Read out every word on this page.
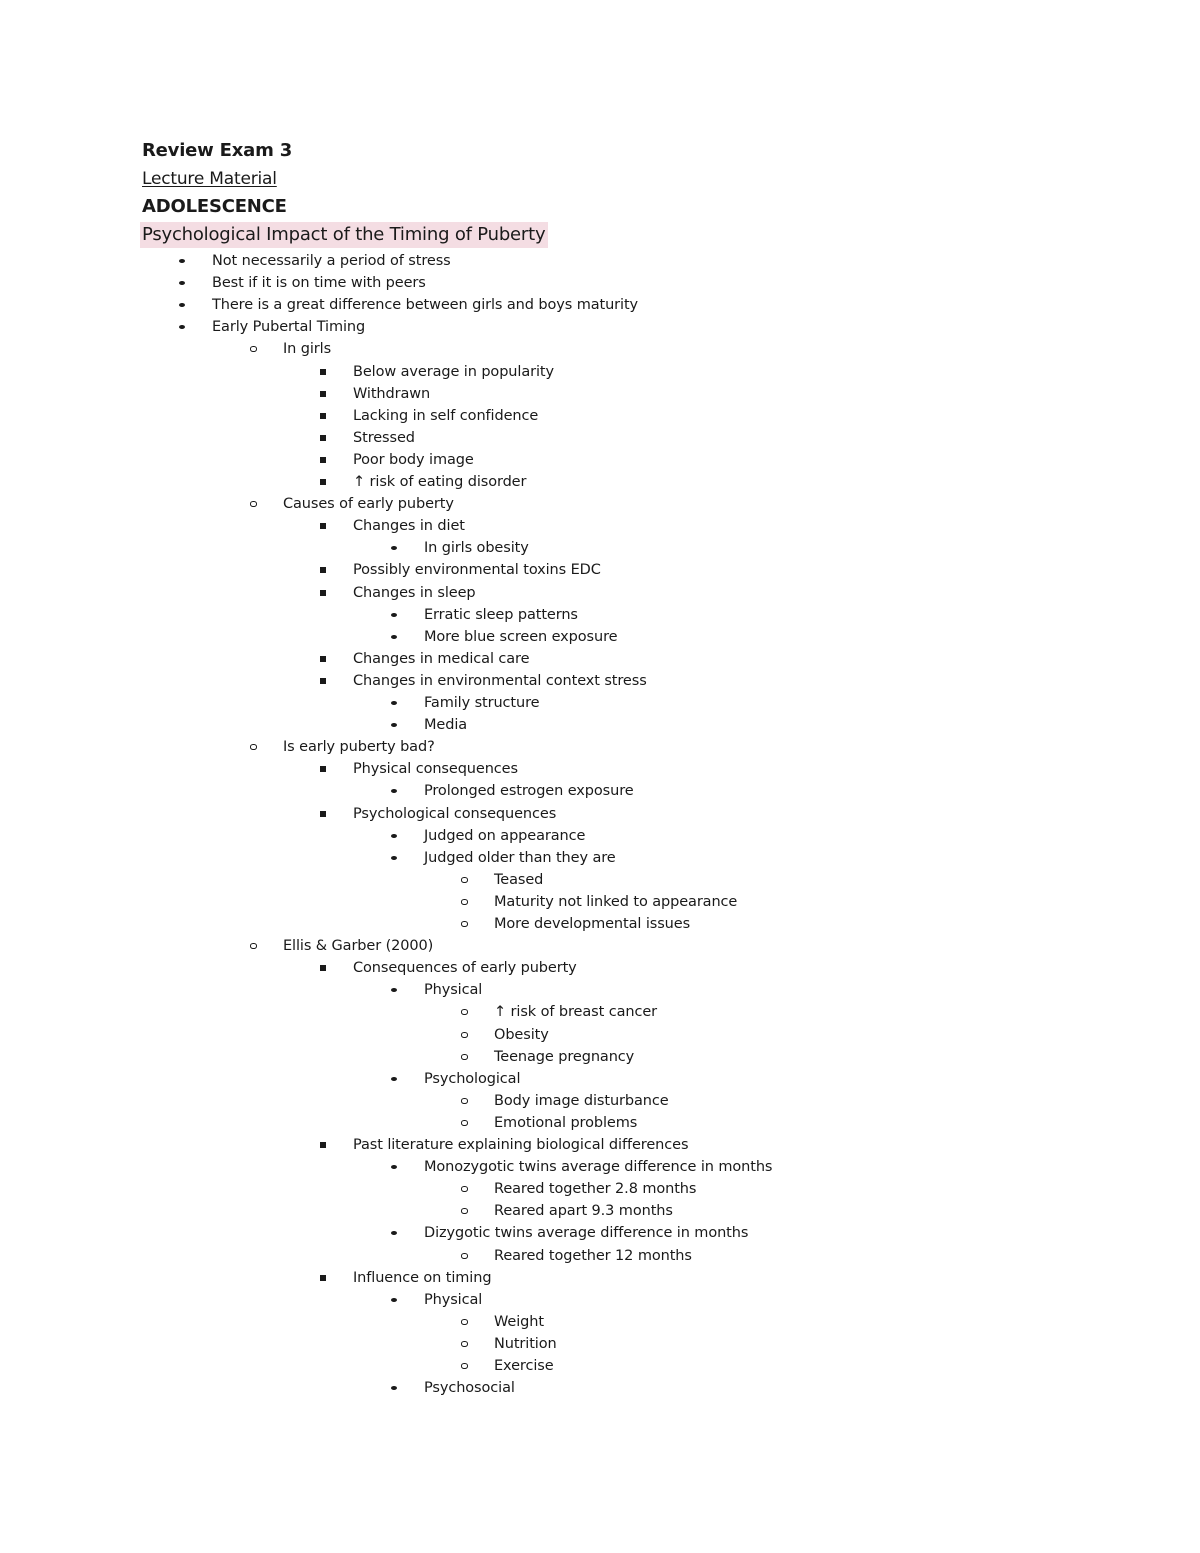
Review Exam 3
Lecture Material
ADOLESCENCE
Psychological Impact of the Timing of Puberty
Not necessarily a period of stress
Best if it is on time with peers
There is a great difference between girls and boys maturity
Early Pubertal Timing
In girls
Below average in popularity
Withdrawn
Lacking in self confidence
Stressed
Poor body image
↑ risk of eating disorder
Causes of early puberty
Changes in diet
In girls obesity
Possibly environmental toxins EDC
Changes in sleep
Erratic sleep patterns
More blue screen exposure
Changes in medical care
Changes in environmental context stress
Family structure
Media
Is early puberty bad?
Physical consequences
Prolonged estrogen exposure
Psychological consequences
Judged on appearance
Judged older than they are
Teased
Maturity not linked to appearance
More developmental issues
Ellis & Garber (2000)
Consequences of early puberty
Physical
↑ risk of breast cancer
Obesity
Teenage pregnancy
Psychological
Body image disturbance
Emotional problems
Past literature explaining biological differences
Monozygotic twins average difference in months
Reared together 2.8 months
Reared apart 9.3 months
Dizygotic twins average difference in months
Reared together 12 months
Influence on timing
Physical
Weight
Nutrition
Exercise
Psychosocial
